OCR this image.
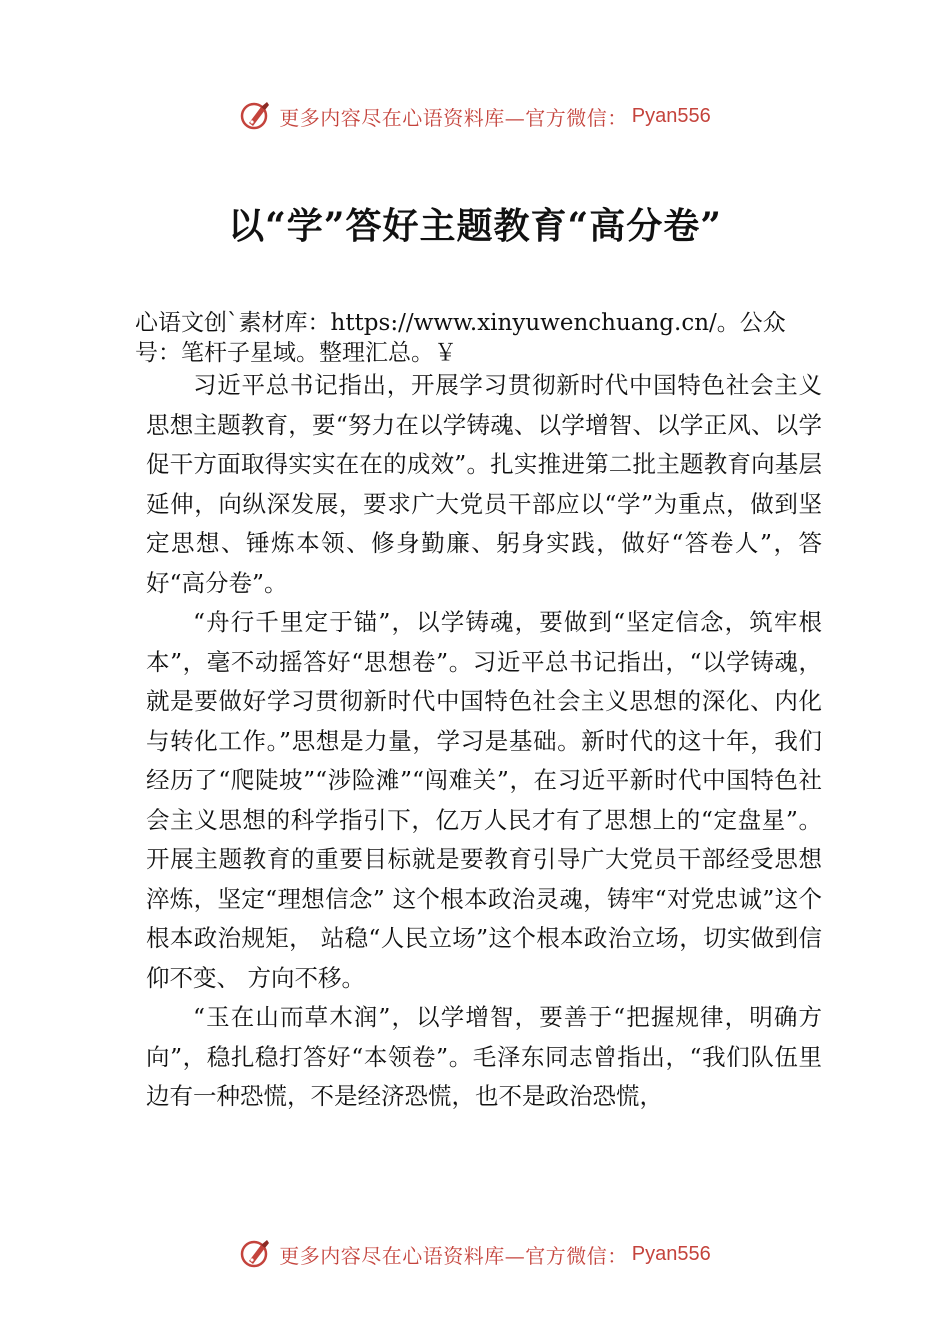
更多内容尽在心语资料库—官方微信： Pyan556
以“学”答好主题教育“高分卷”
心语文创`素材库：https://www.xinyuwenchuang.cn/。公众号：笔杆子星域。整理汇总。￥

习近平总书记指出，开展学习贯彻新时代中国特色社会主义思想主题教育，要“努力在以学铸魂、以学增智、以学正风、以学促干方面取得实实在在的成效”。扎实推进第二批主题教育向基层延伸，向纵深发展，要求广大党员干部应以“学”为重点，做到坚定思想、锤炼本领、修身勤廉、躬身实践，做好“答卷人”，答好“高分卷”。

“舟行千里定于锚”，以学铸魂，要做到“坚定信念，筑牢根本”，毫不动摇答好“思想卷”。习近平总书记指出，“以学铸魂，就是要做好学习贯彻新时代中国特色社会主义思想的深化、内化与转化工作。”思想是力量，学习是基础。新时代的这十年，我们经历了“爬陡坡”“涉险滩”“闯难关”，在习近平新时代中国特色社会主义思想的科学指引下，亿万人民才有了思想上的“定盘星”。开展主题教育的重要目标就是要教育引导广大党员干部经受思想淬炼，坚定“理想信念” 这个根本政治灵魂，铸牢“对党忠诚”这个根本政治规矩， 站稳“人民立场”这个根本政治立场，切实做到信仰不变、 方向不移。

“玉在山而草木润”，以学增智，要善于“把握规律，明确方向”，稳扎稳打答好“本领卷”。毛泽东同志曾指出，“我们队伍里边有一种恐慌，不是经济恐慌，也不是政治恐慌，

更多内容尽在心语资料库—官方微信： Pyan556
